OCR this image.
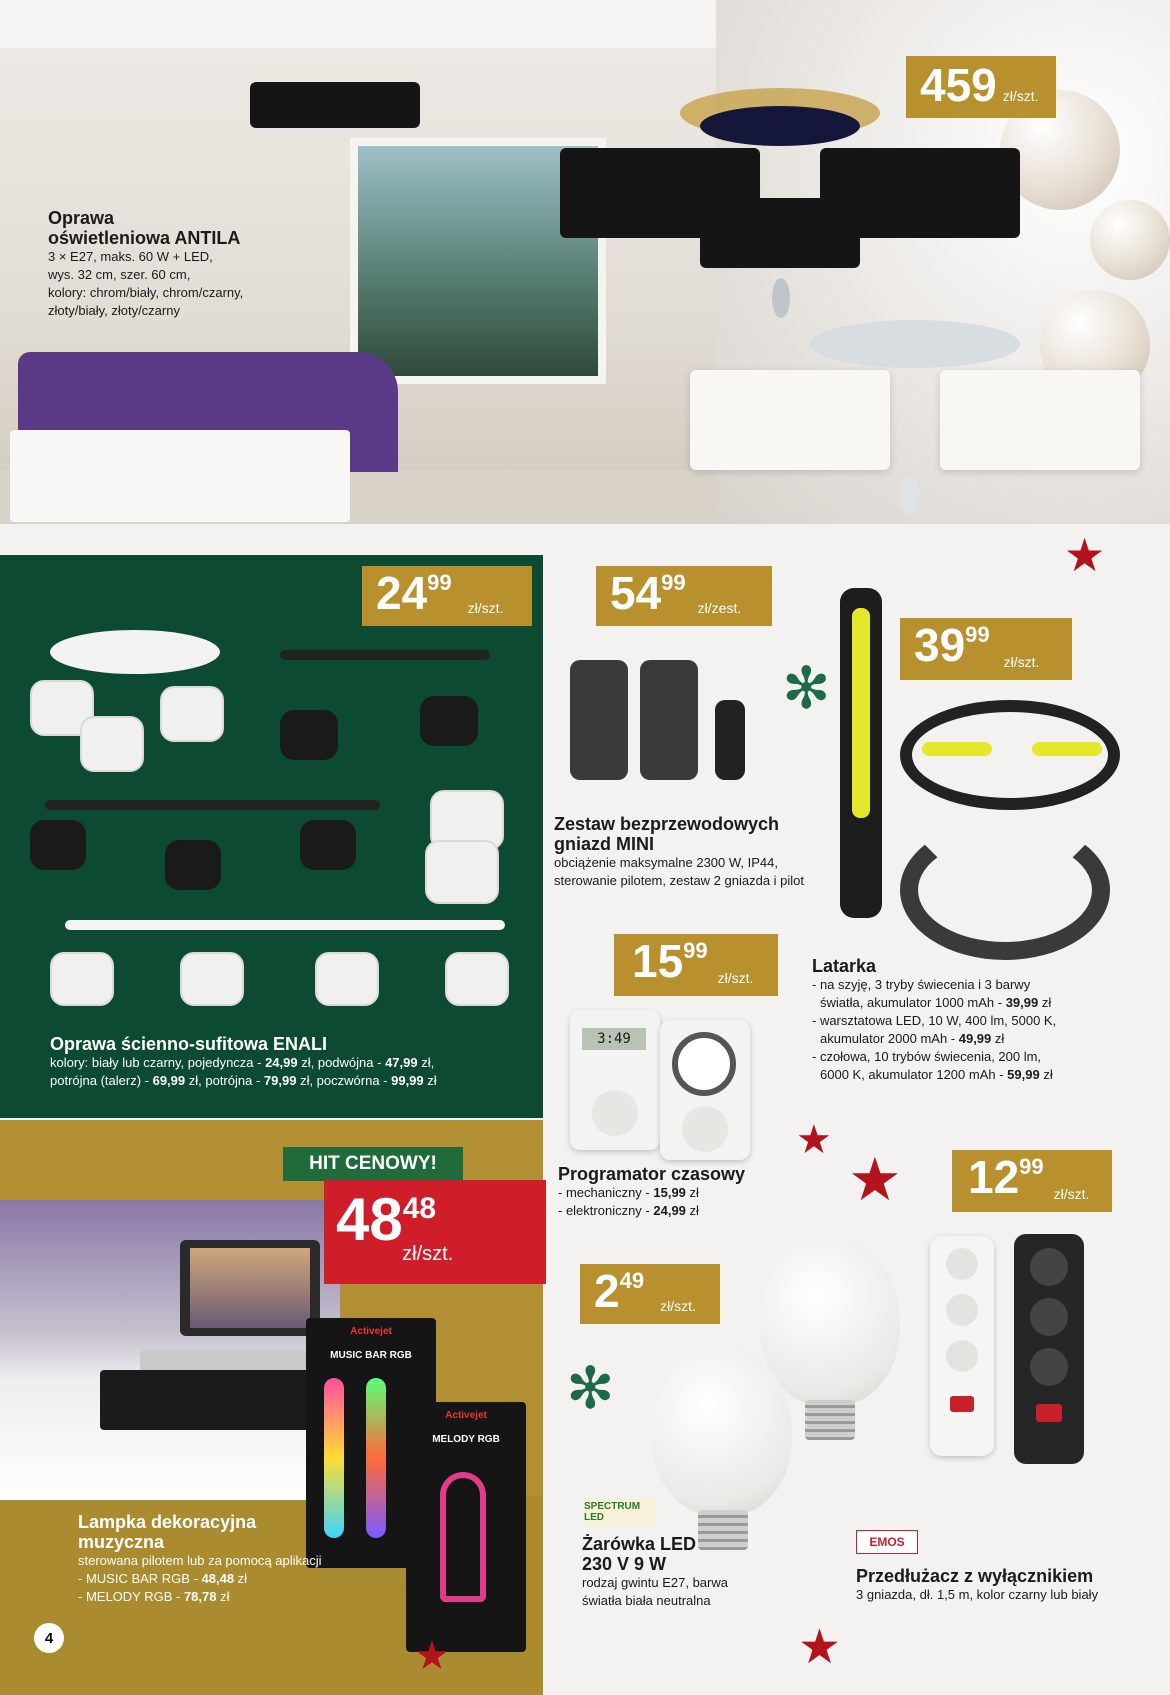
459 zł/szt.
Oprawa
oświetleniowa ANTILA
3 × E27, maks. 60 W + LED,
wys. 32 cm, szer. 60 cm,
kolory: chrom/biały, chrom/czarny,
złoty/biały, złoty/czarny
★
24 99
zł/szt.
Oprawa ścienno-sufitowa ENALI
kolory: biały lub czarny, pojedyncza - 24,99 zł, podwójna - 47,99 zł,
potrójna (talerz) - 69,99 zł, potrójna - 79,99 zł, poczwórna - 99,99 zł
54 99
zł/zest.
Zestaw bezprzewodowych
gniazd MINI
obciążenie maksymalne 2300 W, IP44,
sterowanie pilotem, zestaw 2 gniazda i pilot
39 99
zł/szt.
✻
Latarka
- na szyję, 3 tryby świecenia i 3 barwy
światła, akumulator 1000 mAh - 39,99 zł
- warsztatowa LED, 10 W, 400 lm, 5000 K,
akumulator 2000 mAh - 49,99 zł
- czołowa, 10 trybów świecenia, 200 lm,
6000 K, akumulator 1200 mAh - 59,99 zł
15 99
zł/szt.
3:49
Programator czasowy
- mechaniczny - 15,99 zł
- elektroniczny - 24,99 zł
★
★
HIT CENOWY!
48 48
zł/szt.
Activejet
MUSIC BAR RGB
Activejet
MELODY RGB
Lampka dekoracyjna
muzyczna
sterowana pilotem lub za pomocą aplikacji
- MUSIC BAR RGB - 48,48 zł
- MELODY RGB - 78,78 zł
4	★
2 49
zł/szt.
✻
SPECTRUM LED
Żarówka LED
230 V 9 W
rodzaj gwintu E27, barwa
światła biała neutralna
★
12 99
zł/szt.
EMOS
Przedłużacz z wyłącznikiem
3 gniazda, dł. 1,5 m, kolor czarny lub biały
